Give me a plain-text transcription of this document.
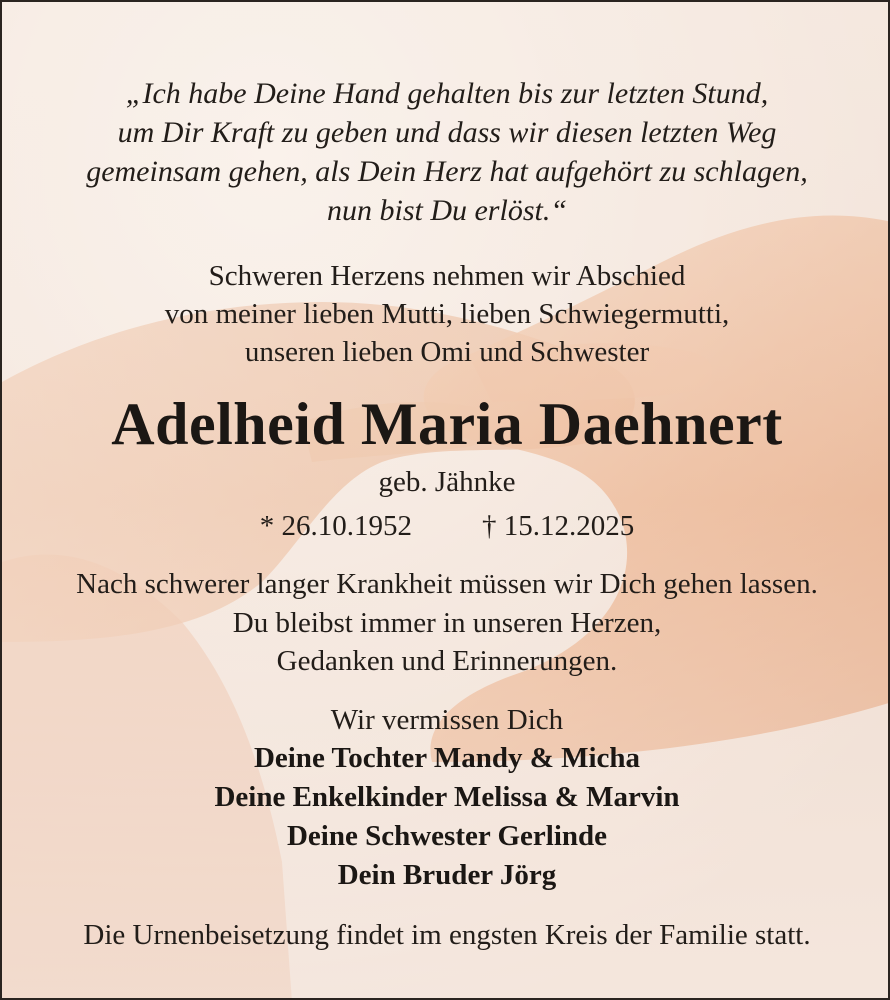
„Ich habe Deine Hand gehalten bis zur letzten Stund,
um Dir Kraft zu geben und dass wir diesen letzten Weg
gemeinsam gehen, als Dein Herz hat aufgehört zu schlagen,
nun bist Du erlöst.“
Schweren Herzens nehmen wir Abschied
von meiner lieben Mutti, lieben Schwiegermutti,
unseren lieben Omi und Schwester
Adelheid Maria Daehnert
geb. Jähnke
* 26.10.1952 † 15.12.2025
Nach schwerer langer Krankheit müssen wir Dich gehen lassen.
Du bleibst immer in unseren Herzen,
Gedanken und Erinnerungen.
Wir vermissen Dich
Deine Tochter Mandy & Micha
Deine Enkelkinder Melissa & Marvin
Deine Schwester Gerlinde
Dein Bruder Jörg
Die Urnenbeisetzung findet im engsten Kreis der Familie statt.
